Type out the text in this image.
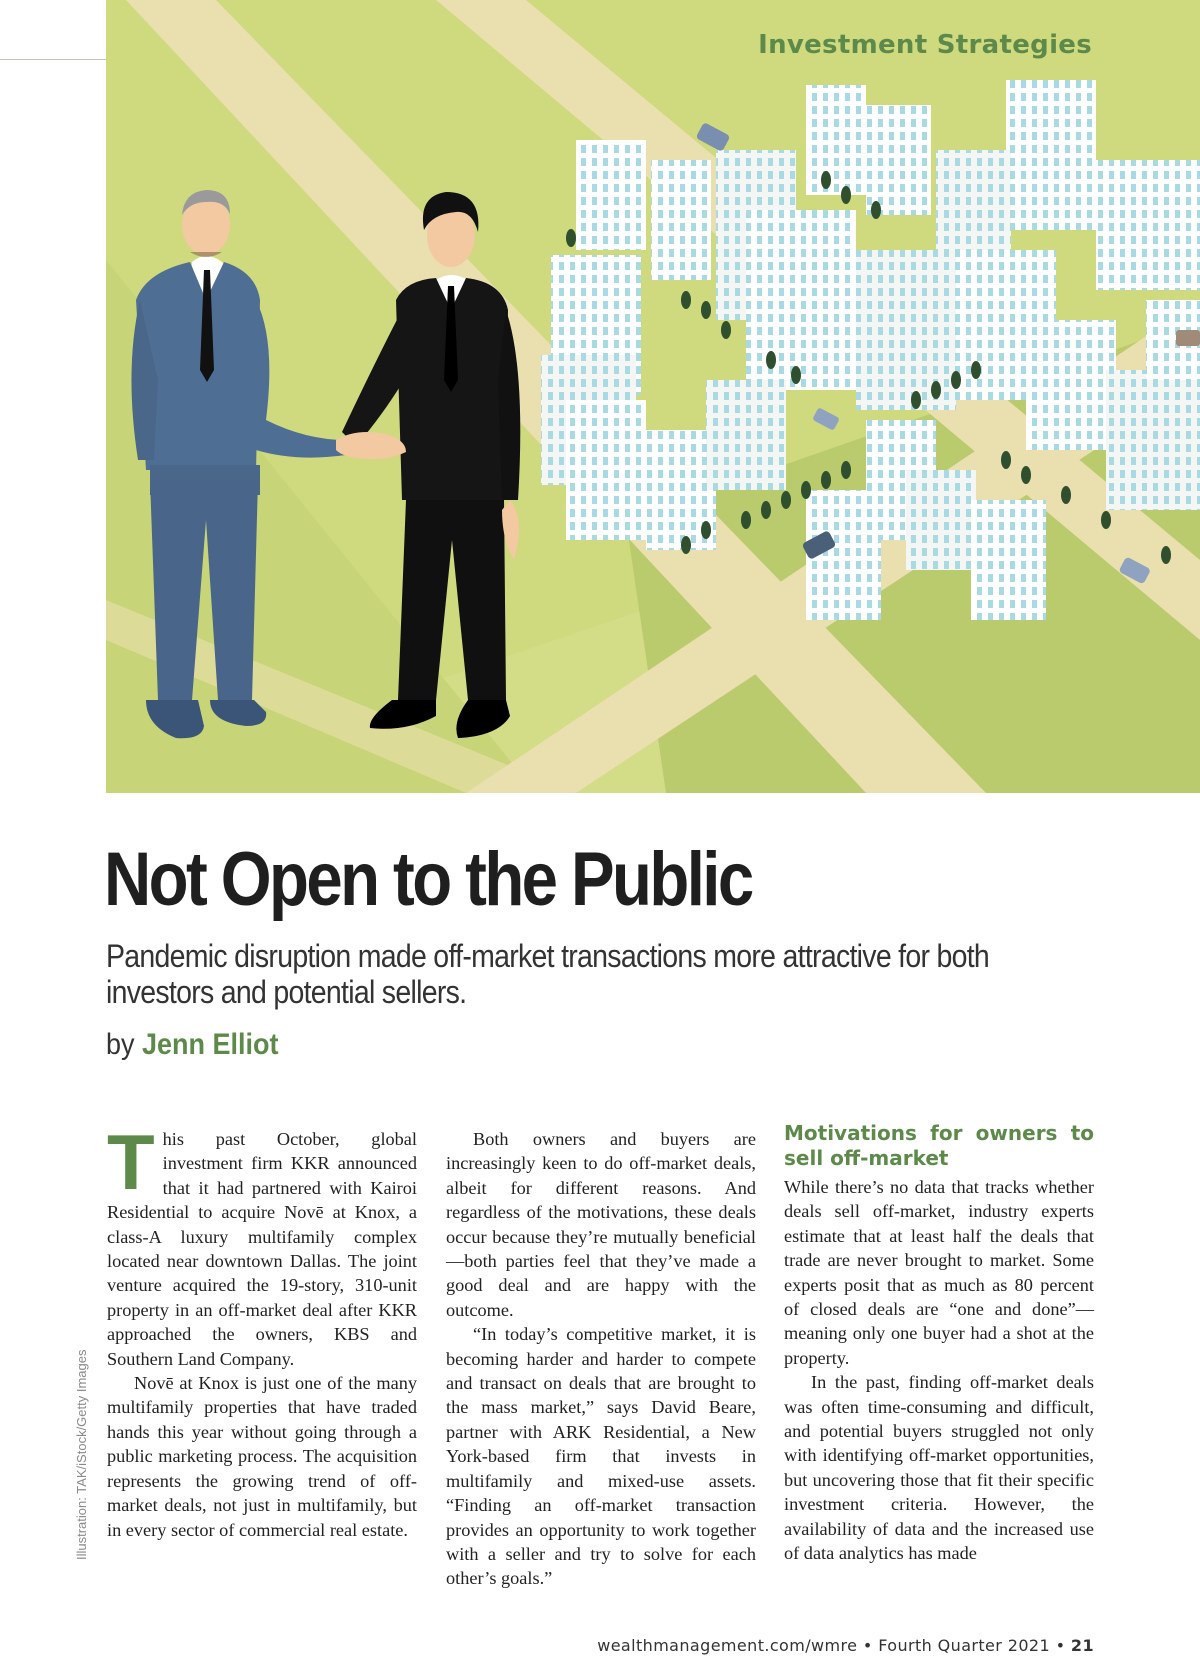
Investment Strategies
Illustration: TAK/iStock/Getty Images
Not Open to the Public
Pandemic disruption made off-market transactions more attractive for both investors and potential sellers.
by Jenn Elliot

This past October, global investment firm KKR announced that it had partnered with Kairoi Residential to acquire Novē at Knox, a class-A luxury multifamily complex located near downtown Dallas. The joint venture acquired the 19-story, 310-unit property in an off-market deal after KKR approached the owners, KBS and Southern Land Company.

Novē at Knox is just one of the many multifamily properties that have traded hands this year without going through a public marketing process. The acquisition represents the growing trend of off-market deals, not just in multifamily, but in every sector of commercial real estate.

Both owners and buyers are increasingly keen to do off-market deals, albeit for different reasons. And regardless of the motivations, these deals occur because they’re mutually beneficial—both parties feel that they’ve made a good deal and are happy with the outcome.

“In today’s competitive market, it is becoming harder and harder to compete and transact on deals that are brought to the mass market,” says David Beare, partner with ARK Residential, a New York-based firm that invests in multifamily and mixed-use assets. “Finding an off-market transaction provides an opportunity to work together with a seller and try to solve for each other’s goals.”

Motivations for owners to sell off-market

While there’s no data that tracks whether deals sell off-market, industry experts estimate that at least half the deals that trade are never brought to market. Some experts posit that as much as 80 percent of closed deals are “one and done”—meaning only one buyer had a shot at the property.

In the past, finding off-market deals was often time-consuming and difficult, and potential buyers struggled not only with identifying off-market opportunities, but uncovering those that fit their specific investment criteria. However, the availability of data and the increased use of data analytics has made

wealthmanagement.com/wmre • Fourth Quarter 2021 • 21
